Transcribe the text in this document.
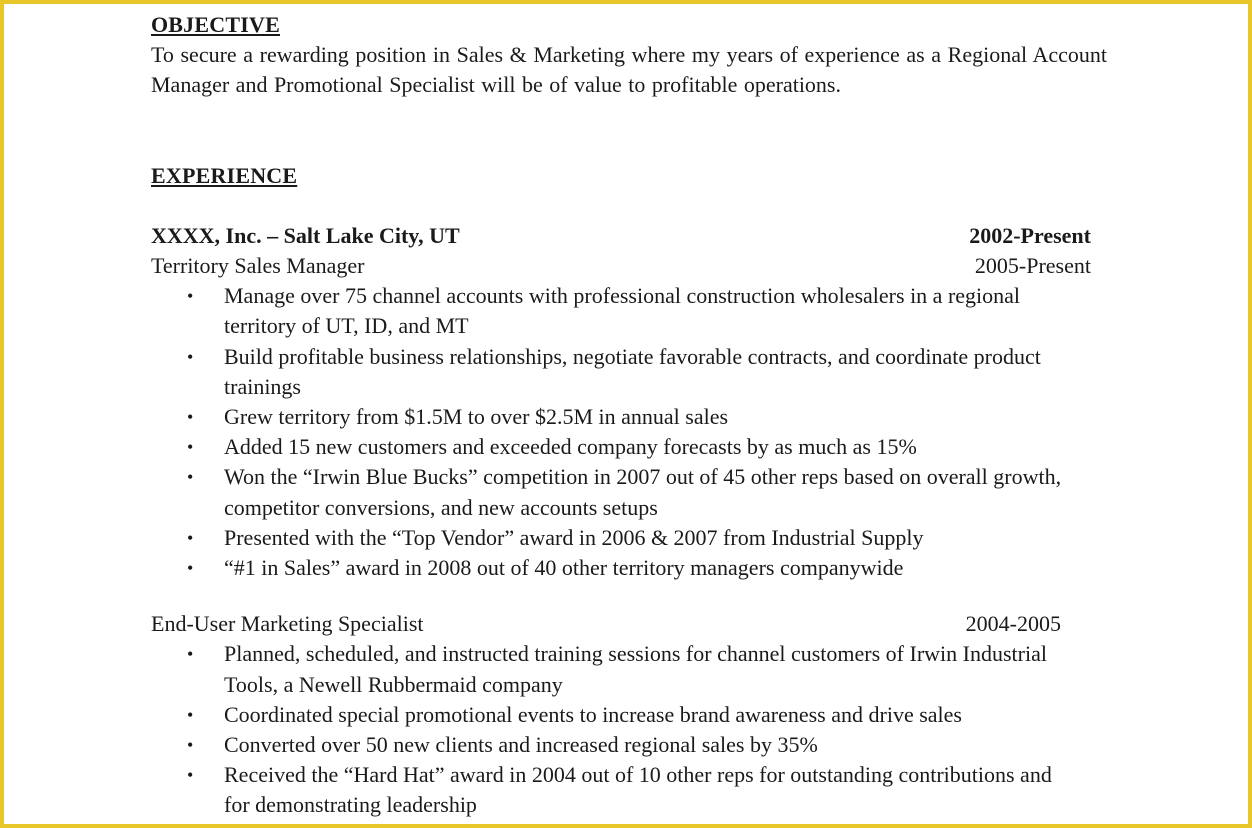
OBJECTIVE

To secure a rewarding position in Sales & Marketing where my years of experience as a Regional Account Manager and Promotional Specialist will be of value to profitable operations.

EXPERIENCE
XXXX, Inc. – Salt Lake City, UT	2002-Present
Territory Sales Manager	2005-Present
• Manage over 75 channel accounts with professional construction wholesalers in a regional territory of UT, ID, and MT
• Build profitable business relationships, negotiate favorable contracts, and coordinate product trainings
• Grew territory from $1.5M to over $2.5M in annual sales
• Added 15 new customers and exceeded company forecasts by as much as 15%
• Won the “Irwin Blue Bucks” competition in 2007 out of 45 other reps based on overall growth, competitor conversions, and new accounts setups
• Presented with the “Top Vendor” award in 2006 & 2007 from Industrial Supply
• “#1 in Sales” award in 2008 out of 40 other territory managers companywide
End-User Marketing Specialist	2004-2005
• Planned, scheduled, and instructed training sessions for channel customers of Irwin Industrial Tools, a Newell Rubbermaid company
• Coordinated special promotional events to increase brand awareness and drive sales
• Converted over 50 new clients and increased regional sales by 35%
• Received the “Hard Hat” award in 2004 out of 10 other reps for outstanding contributions and for demonstrating leadership
